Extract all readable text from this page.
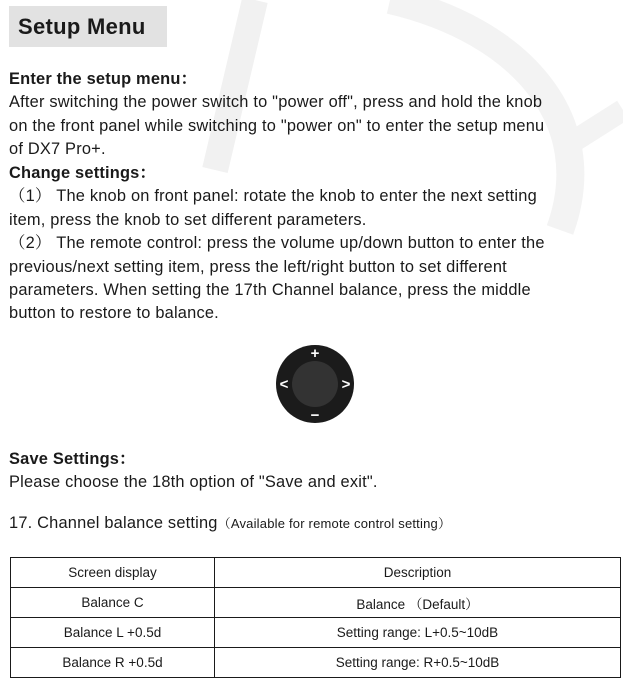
Setup Menu

Enter the setup menu：

After switching the power switch to "power off", press and hold the knob

on the front panel while switching to "power on" to enter the setup menu

of DX7 Pro+.

Change settings：

（1） The knob on front panel: rotate the knob to enter the next setting

item, press the knob to set different parameters.

（2） The remote control: press the volume up/down button to enter the

previous/next setting item, press the left/right button to set different

parameters. When setting the 17th Channel balance, press the middle

button to restore to balance.

+
−
<	>

Save Settings：

Please choose the 18th option of "Save and exit".

17. Channel balance setting（Available for remote control setting）
Screen display	Description
Balance C	Balance （Default）
Balance L +0.5d	Setting range: L+0.5~10dB
Balance R +0.5d	Setting range: R+0.5~10dB
